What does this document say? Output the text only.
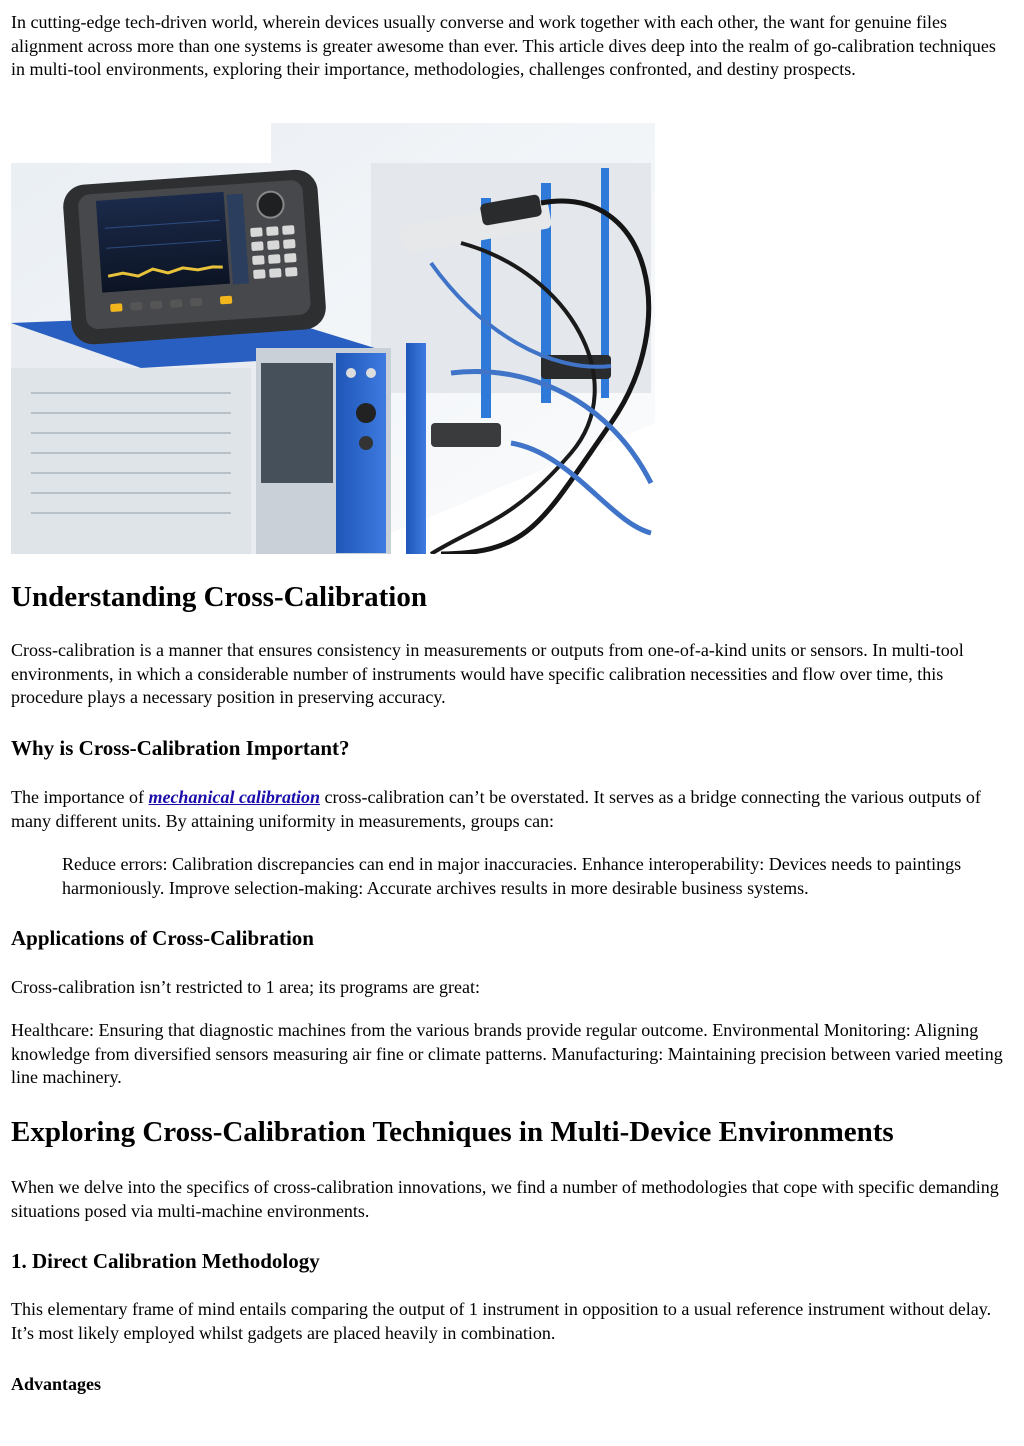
In cutting-edge tech-driven world, wherein devices usually converse and work together with each other, the want for genuine files alignment across more than one systems is greater awesome than ever. This article dives deep into the realm of go-calibration techniques in multi-tool environments, exploring their importance, methodologies, challenges confronted, and destiny prospects.

Understanding Cross-Calibration

Cross-calibration is a manner that ensures consistency in measurements or outputs from one-of-a-kind units or sensors. In multi-tool environments, in which a considerable number of instruments would have specific calibration necessities and flow over time, this procedure plays a necessary position in preserving accuracy.

Why is Cross-Calibration Important?

The importance of mechanical calibration cross-calibration can’t be overstated. It serves as a bridge connecting the various outputs of many different units. By attaining uniformity in measurements, groups can:

Reduce errors: Calibration discrepancies can end in major inaccuracies. Enhance interoperability: Devices needs to paintings harmoniously. Improve selection-making: Accurate archives results in more desirable business systems.

Applications of Cross-Calibration

Cross-calibration isn’t restricted to 1 area; its programs are great:

Healthcare: Ensuring that diagnostic machines from the various brands provide regular outcome. Environmental Monitoring: Aligning knowledge from diversified sensors measuring air fine or climate patterns. Manufacturing: Maintaining precision between varied meeting line machinery.

Exploring Cross-Calibration Techniques in Multi-Device Environments

When we delve into the specifics of cross-calibration innovations, we find a number of methodologies that cope with specific demanding situations posed via multi-machine environments.

1. Direct Calibration Methodology

This elementary frame of mind entails comparing the output of 1 instrument in opposition to a usual reference instrument without delay. It’s most likely employed whilst gadgets are placed heavily in combination.

Advantages
